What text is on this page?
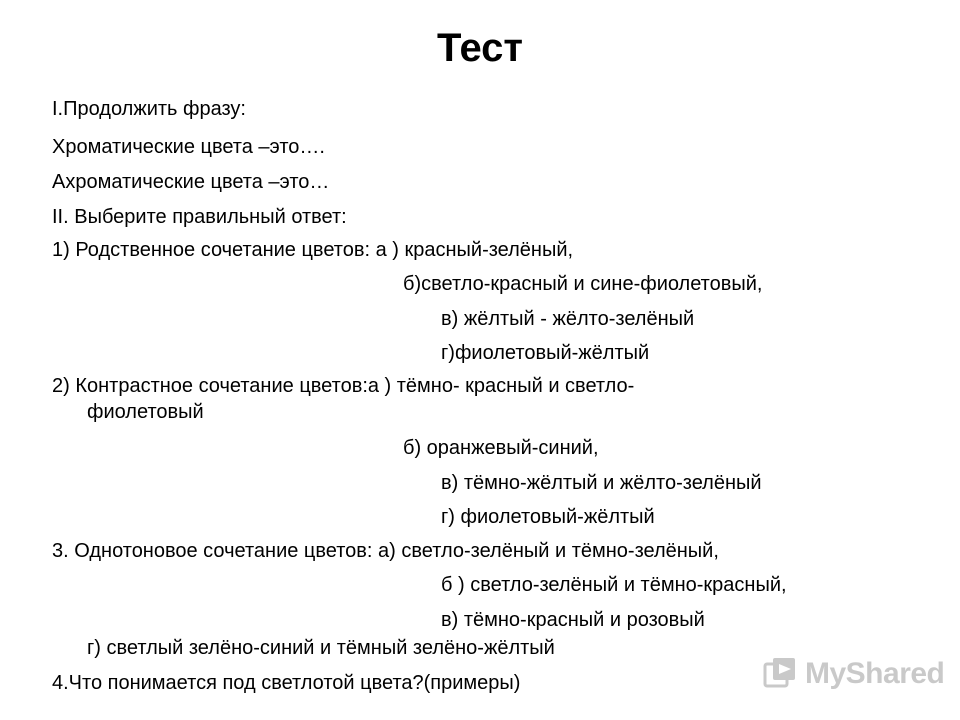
Тест
I.Продолжить фразу:
Хроматические цвета –это….
Ахроматические цвета –это…
II. Выберите правильный ответ:
1) Родственное сочетание цветов: а ) красный-зелёный,
б)светло-красный и сине-фиолетовый,
в) жёлтый - жёлто-зелёный
г)фиолетовый-жёлтый
2) Контрастное сочетание цветов:а ) тёмно- красный и светло-
фиолетовый
б) оранжевый-синий,
в) тёмно-жёлтый и жёлто-зелёный
г) фиолетовый-жёлтый
3. Однотоновое сочетание цветов: а) светло-зелёный и тёмно-зелёный,
б ) светло-зелёный и тёмно-красный,
в) тёмно-красный и розовый
г) светлый зелёно-синий и тёмный зелёно-жёлтый
4.Что понимается под светлотой цвета?(примеры)	MyShared
